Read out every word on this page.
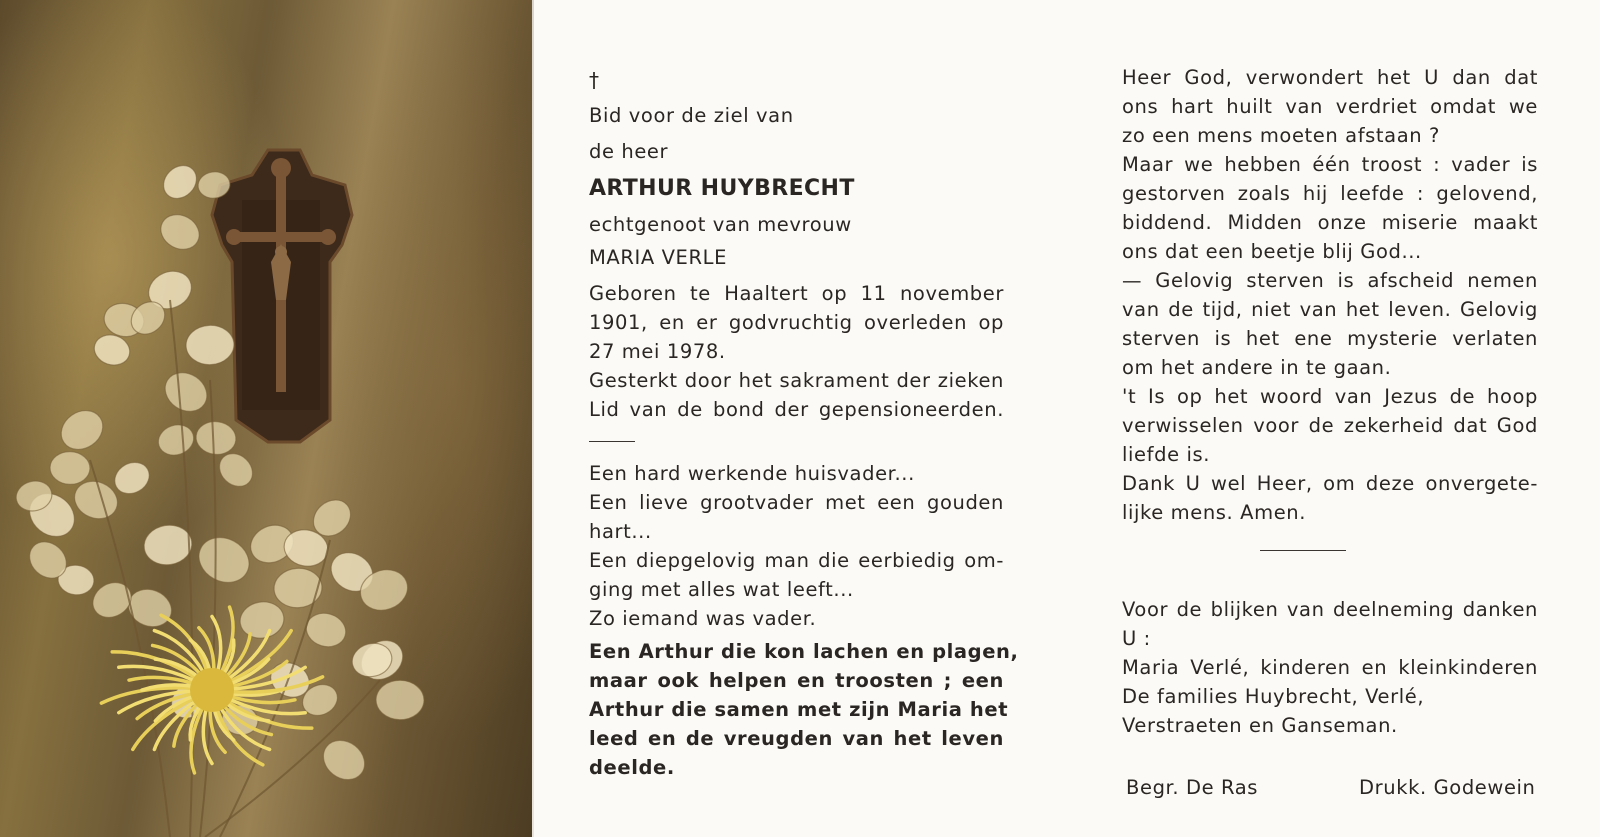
†
Bid voor de ziel van
de heer
ARTHUR HUYBRECHT
echtgenoot van mevrouw
MARIA VERLE
Geboren te Haaltert op 11 november
1901, en er godvruchtig overleden op
27 mei 1978.
Gesterkt door het sakrament der zieken
Lid van de bond der gepensioneerden.
Een hard werkende huisvader...
Een lieve grootvader met een gouden
hart...
Een diepgelovig man die eerbiedig om-
ging met alles wat leeft...
Zo iemand was vader.
Een Arthur die kon lachen en plagen,
maar ook helpen en troosten ; een
Arthur die samen met zijn Maria het
leed en de vreugden van het leven
deelde.
Heer God, verwondert het U dan dat
ons hart huilt van verdriet omdat we
zo een mens moeten afstaan ?
Maar we hebben één troost : vader is
gestorven zoals hij leefde : gelovend,
biddend. Midden onze miserie maakt
ons dat een beetje blij God...
— Gelovig sterven is afscheid nemen
van de tijd, niet van het leven. Gelovig
sterven is het ene mysterie verlaten
om het andere in te gaan.
't Is op het woord van Jezus de hoop
verwisselen voor de zekerheid dat God
liefde is.
Dank U wel Heer, om deze onvergete-
lijke mens. Amen.
Voor de blijken van deelneming danken
U :
Maria Verlé, kinderen en kleinkinderen
De families Huybrecht, Verlé,
Verstraeten en Ganseman.
Begr. De Ras	Drukk. Godewein
